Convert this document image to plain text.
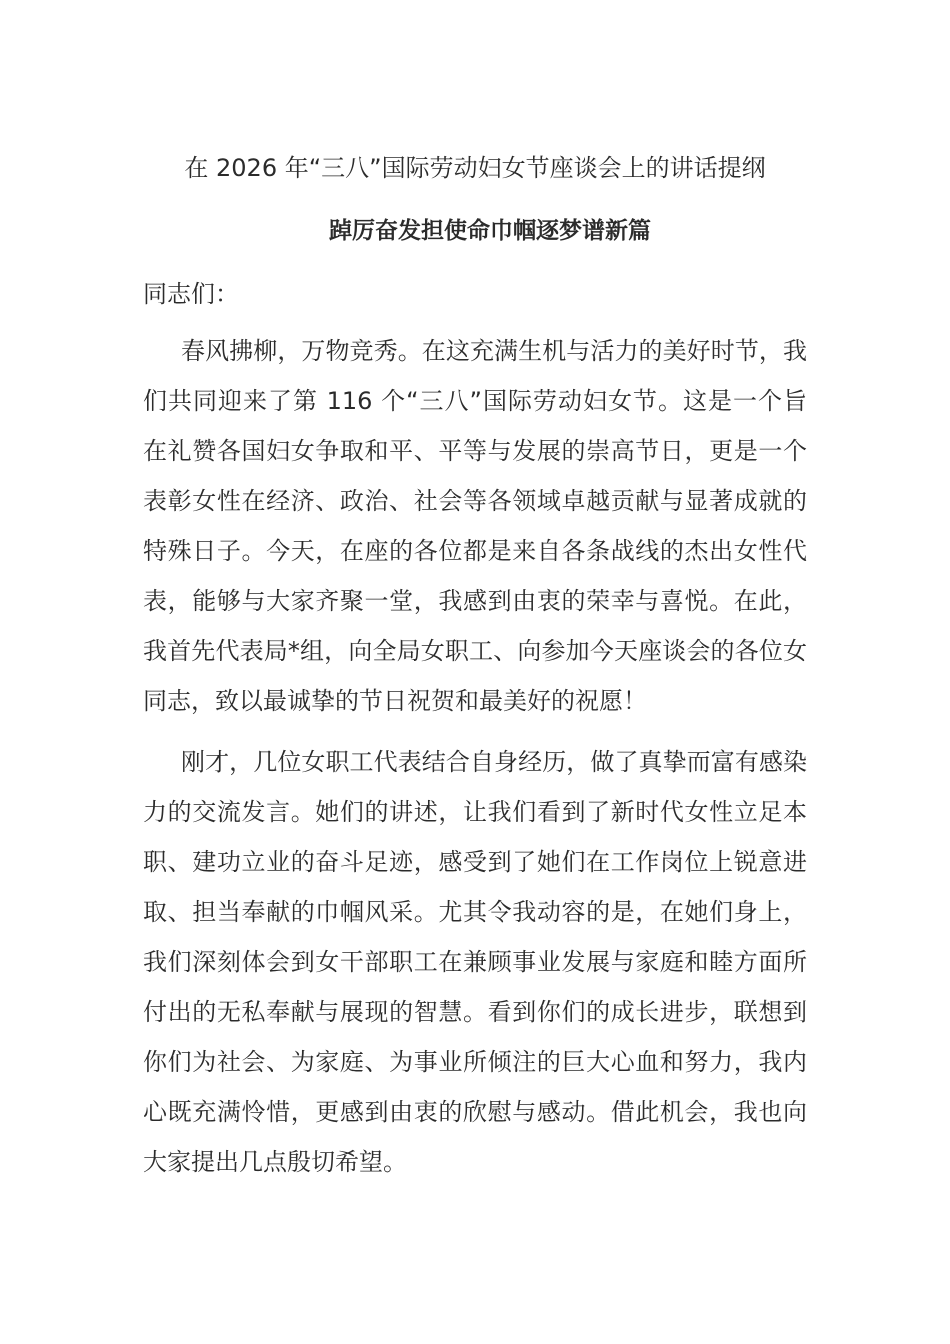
在 2026 年“三八”国际劳动妇女节座谈会上的讲话提纲
踔厉奋发担使命巾帼逐梦谱新篇
同志们：
春风拂柳，万物竞秀。在这充满生机与活力的美好时节，我
们共同迎来了第 116 个“三八”国际劳动妇女节。这是一个旨
在礼赞各国妇女争取和平、平等与发展的崇高节日，更是一个
表彰女性在经济、政治、社会等各领域卓越贡献与显著成就的
特殊日子。今天，在座的各位都是来自各条战线的杰出女性代
表，能够与大家齐聚一堂，我感到由衷的荣幸与喜悦。在此，
我首先代表局*组，向全局女职工、向参加今天座谈会的各位女
同志，致以最诚挚的节日祝贺和最美好的祝愿！
刚才，几位女职工代表结合自身经历，做了真挚而富有感染
力的交流发言。她们的讲述，让我们看到了新时代女性立足本
职、建功立业的奋斗足迹，感受到了她们在工作岗位上锐意进
取、担当奉献的巾帼风采。尤其令我动容的是，在她们身上，
我们深刻体会到女干部职工在兼顾事业发展与家庭和睦方面所
付出的无私奉献与展现的智慧。看到你们的成长进步，联想到
你们为社会、为家庭、为事业所倾注的巨大心血和努力，我内
心既充满怜惜，更感到由衷的欣慰与感动。借此机会，我也向
大家提出几点殷切希望。
